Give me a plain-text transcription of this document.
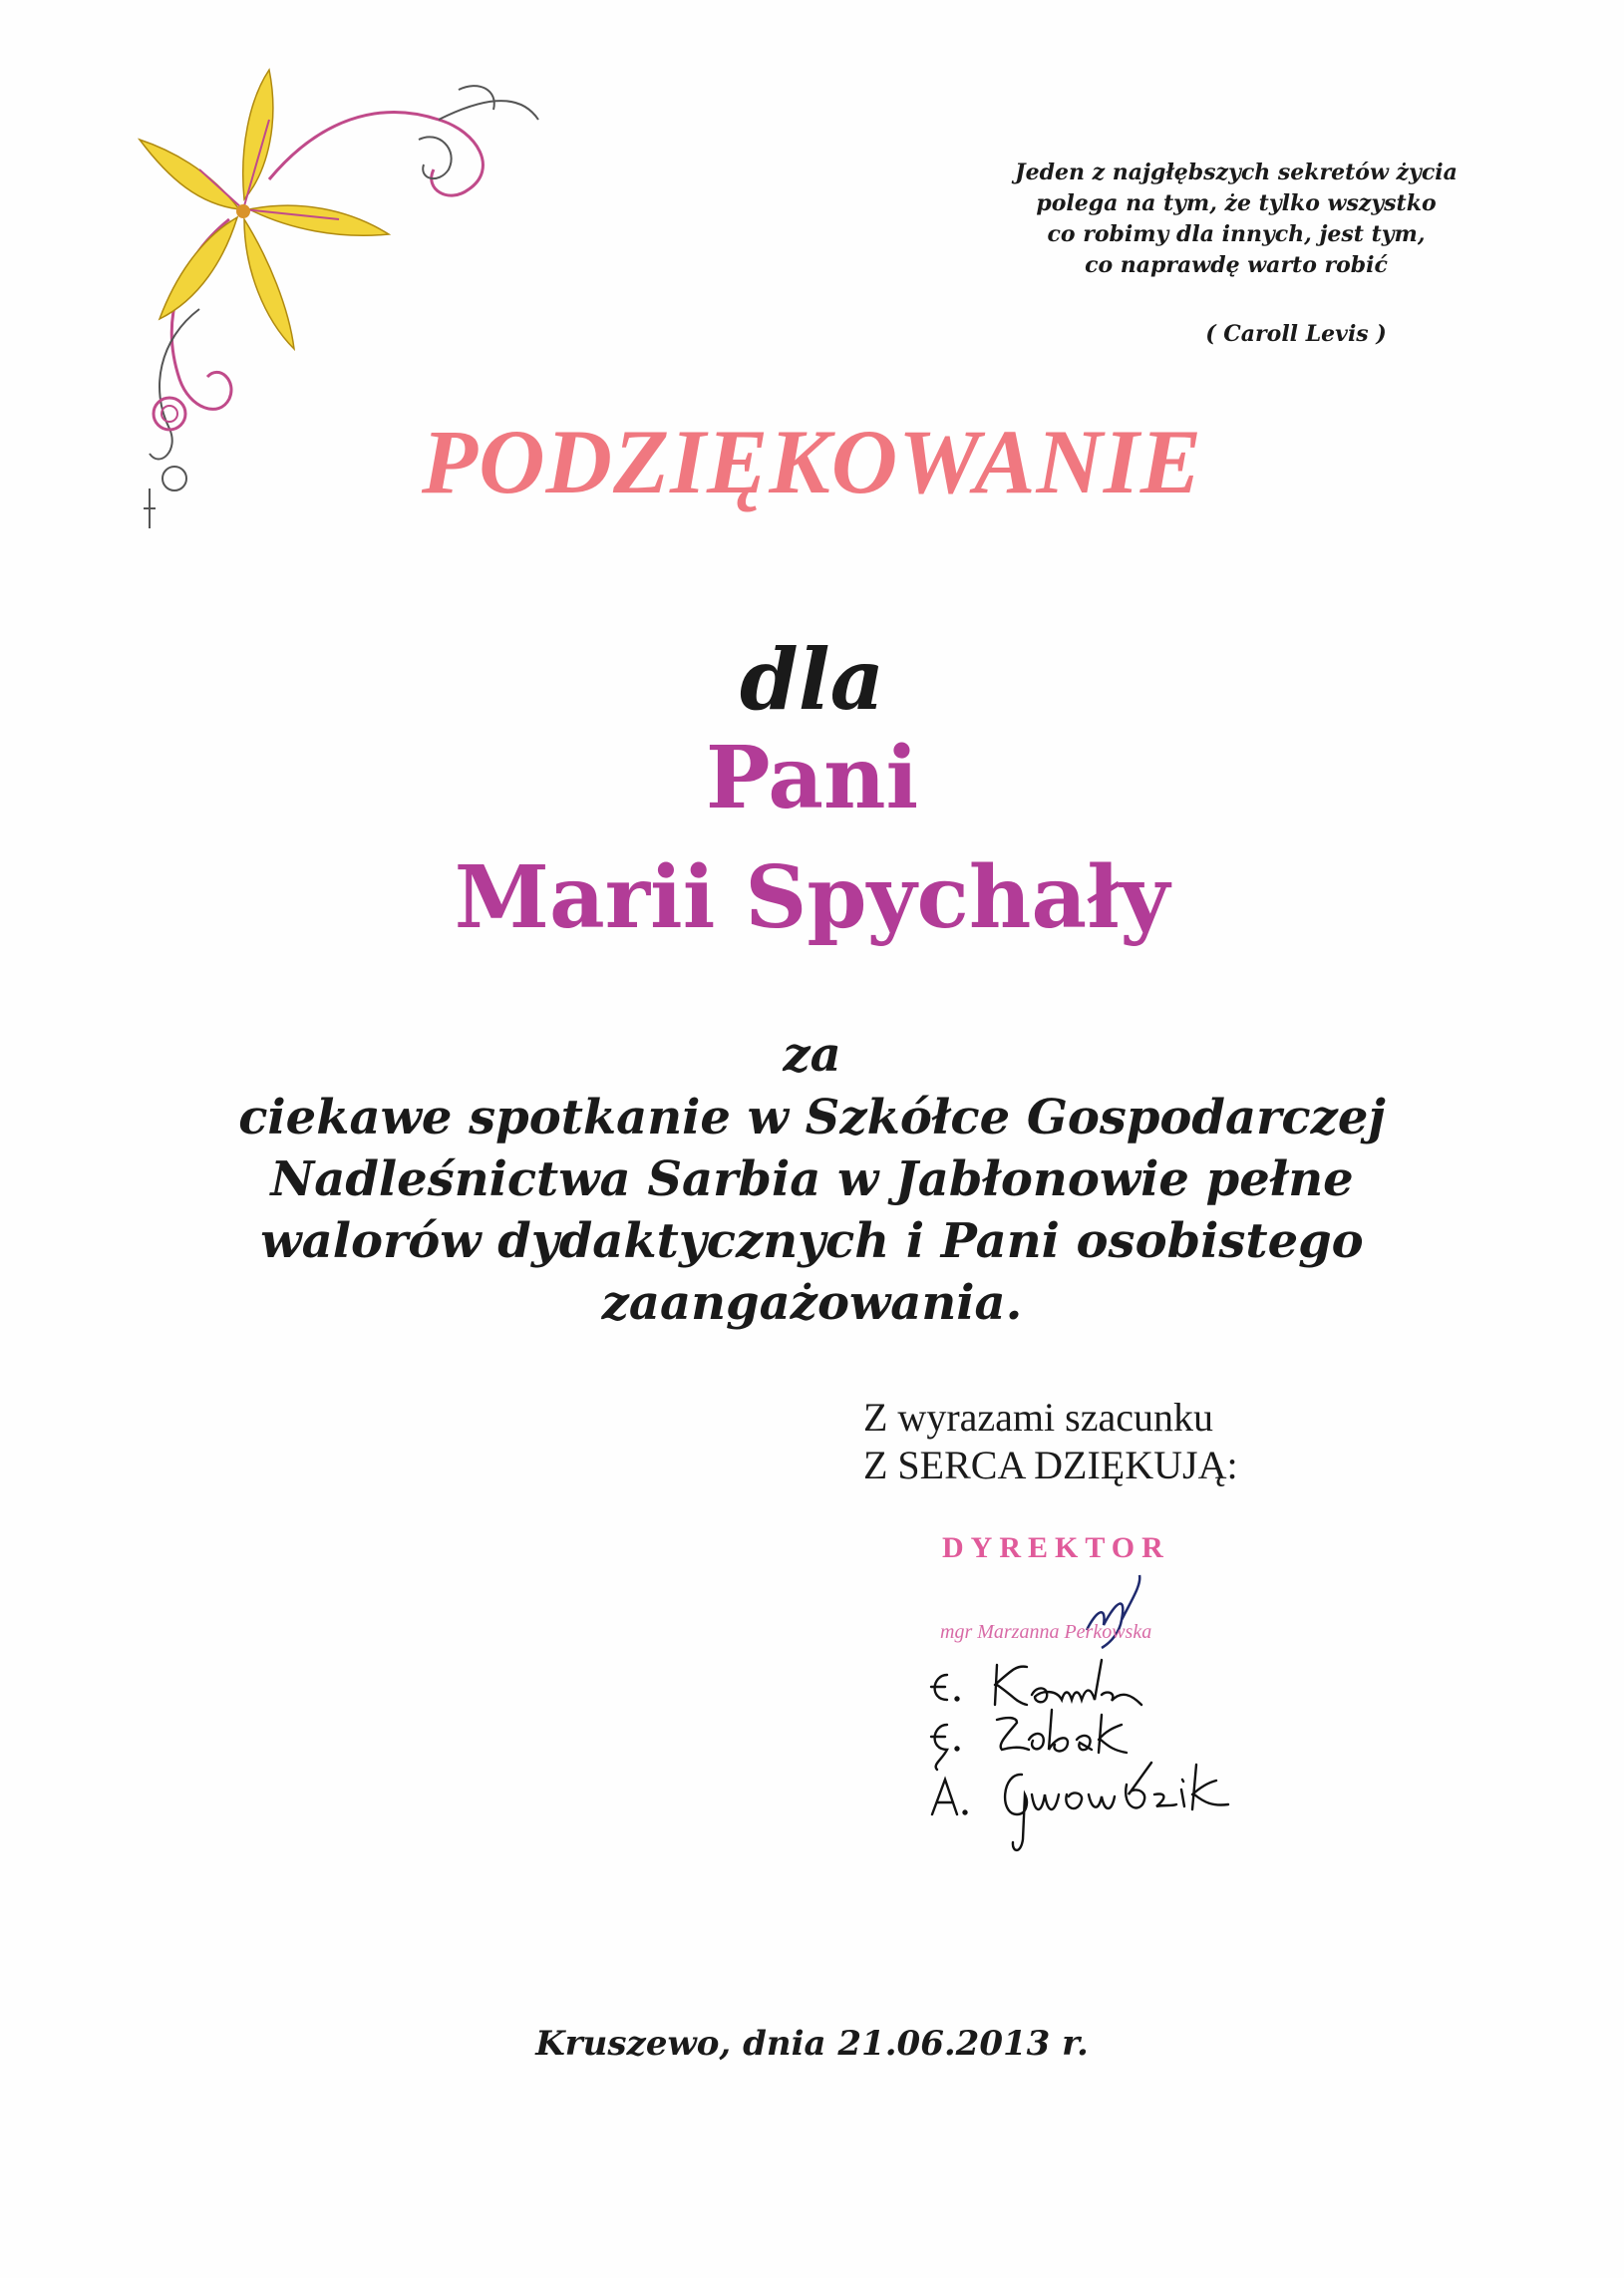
Jeden z najgłębszych sekretów życia
polega na tym, że tylko wszystko
co robimy dla innych, jest tym,
co naprawdę warto robić
( Caroll Levis )
PODZIĘKOWANIE
dla
Pani
Marii Spychały
za
ciekawe spotkanie w Szkółce Gospodarczej
Nadleśnictwa Sarbia w Jabłonowie pełne
walorów dydaktycznych i Pani osobistego
zaangażowania.
Z wyrazami szacunku
Z SERCA DZIĘKUJĄ:
DYREKTOR
mgr Marzanna Perkowska
Kruszewo, dnia 21.06.2013 r.
